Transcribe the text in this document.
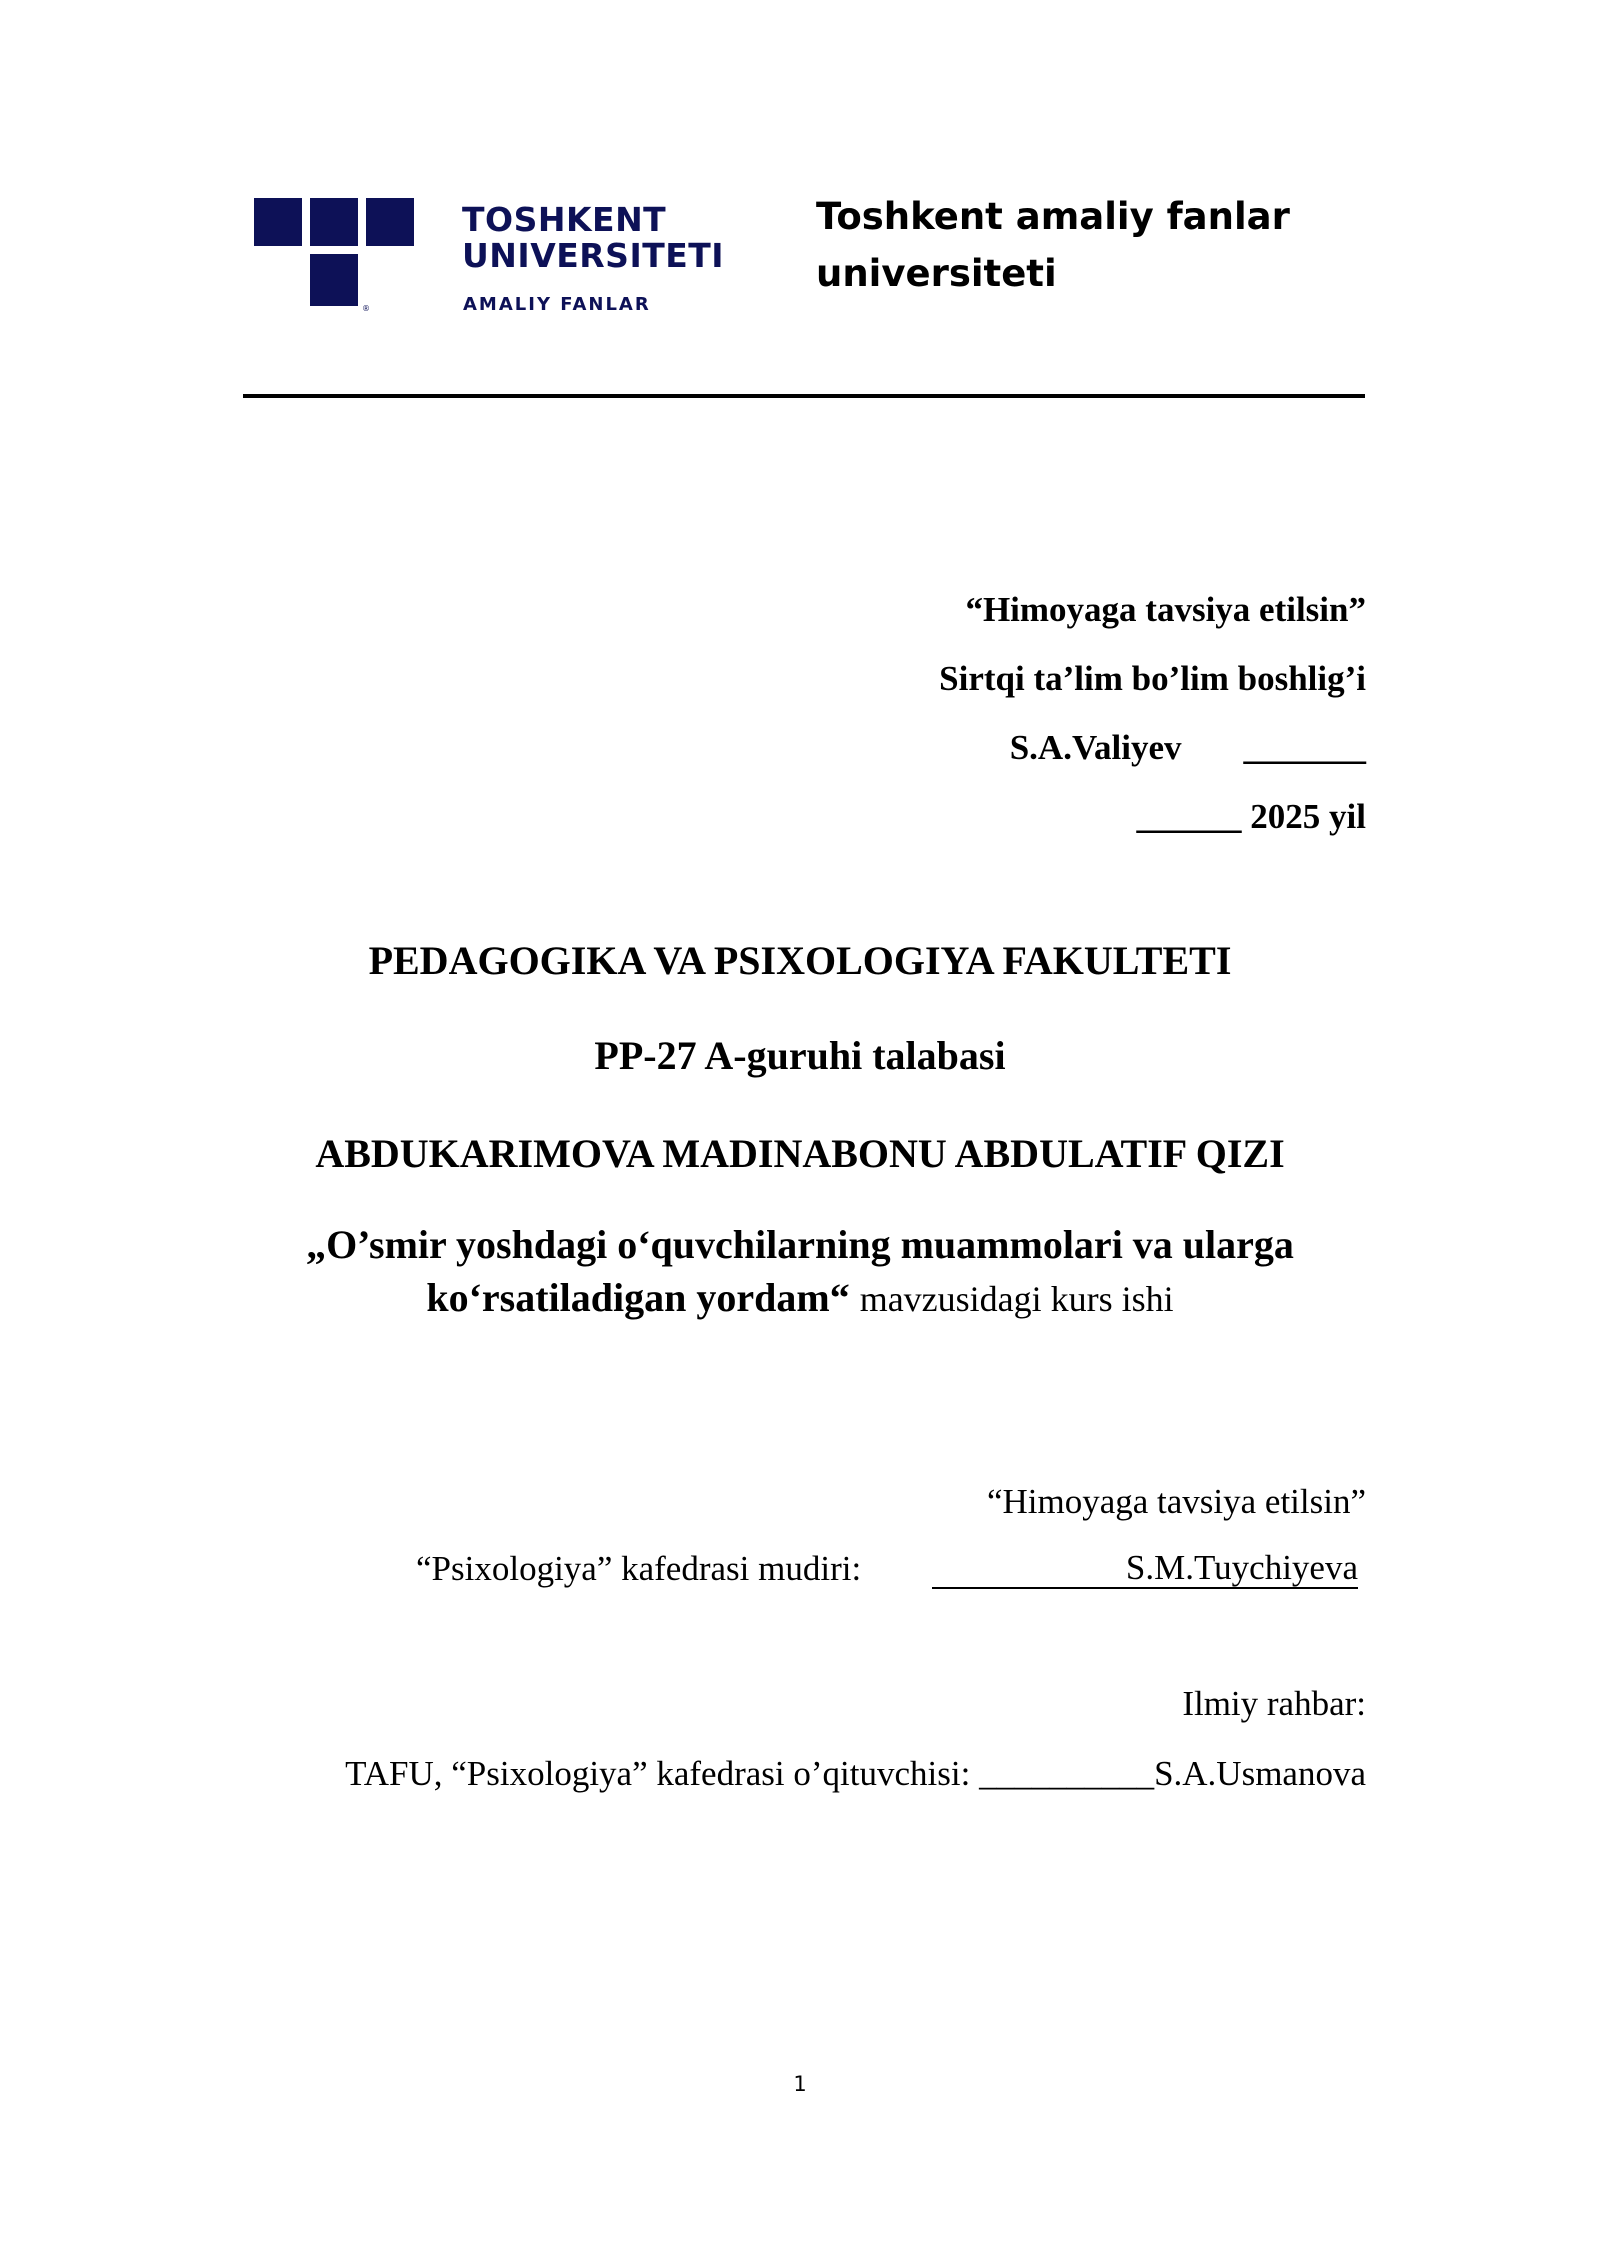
®
TOSHKENT
UNIVERSITETI
AMALIY FANLAR
Toshkent amaliy fanlar
universiteti
“Himoyaga tavsiya etilsin”
Sirtqi ta’lim bo’lim boshlig’i
S.A.Valiyev _______
______ 2025 yil
PEDAGOGIKA VA PSIXOLOGIYA FAKULTETI
PP-27 A-guruhi talabasi
ABDUKARIMOVA MADINABONU ABDULATIF QIZI
„O’smir yoshdagi o‘quvchilarning muammolari va ularga
ko‘rsatiladigan yordam“ mavzusidagi kurs ishi
“Himoyaga tavsiya etilsin”
“Psixologiya” kafedrasi mudiri:	S.M.Tuychiyeva
Ilmiy rahbar:
TAFU, “Psixologiya” kafedrasi o’qituvchisi: __________S.A.Usmanova
1
